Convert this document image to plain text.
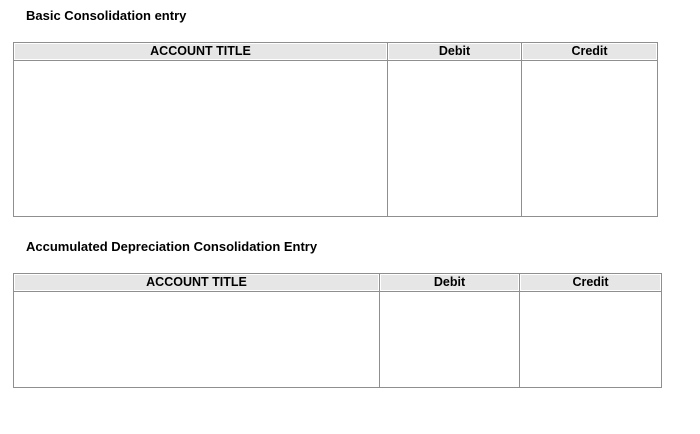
Basic Consolidation entry
ACCOUNT TITLE	Debit	Credit

Accumulated Depreciation Consolidation Entry
ACCOUNT TITLE	Debit	Credit
